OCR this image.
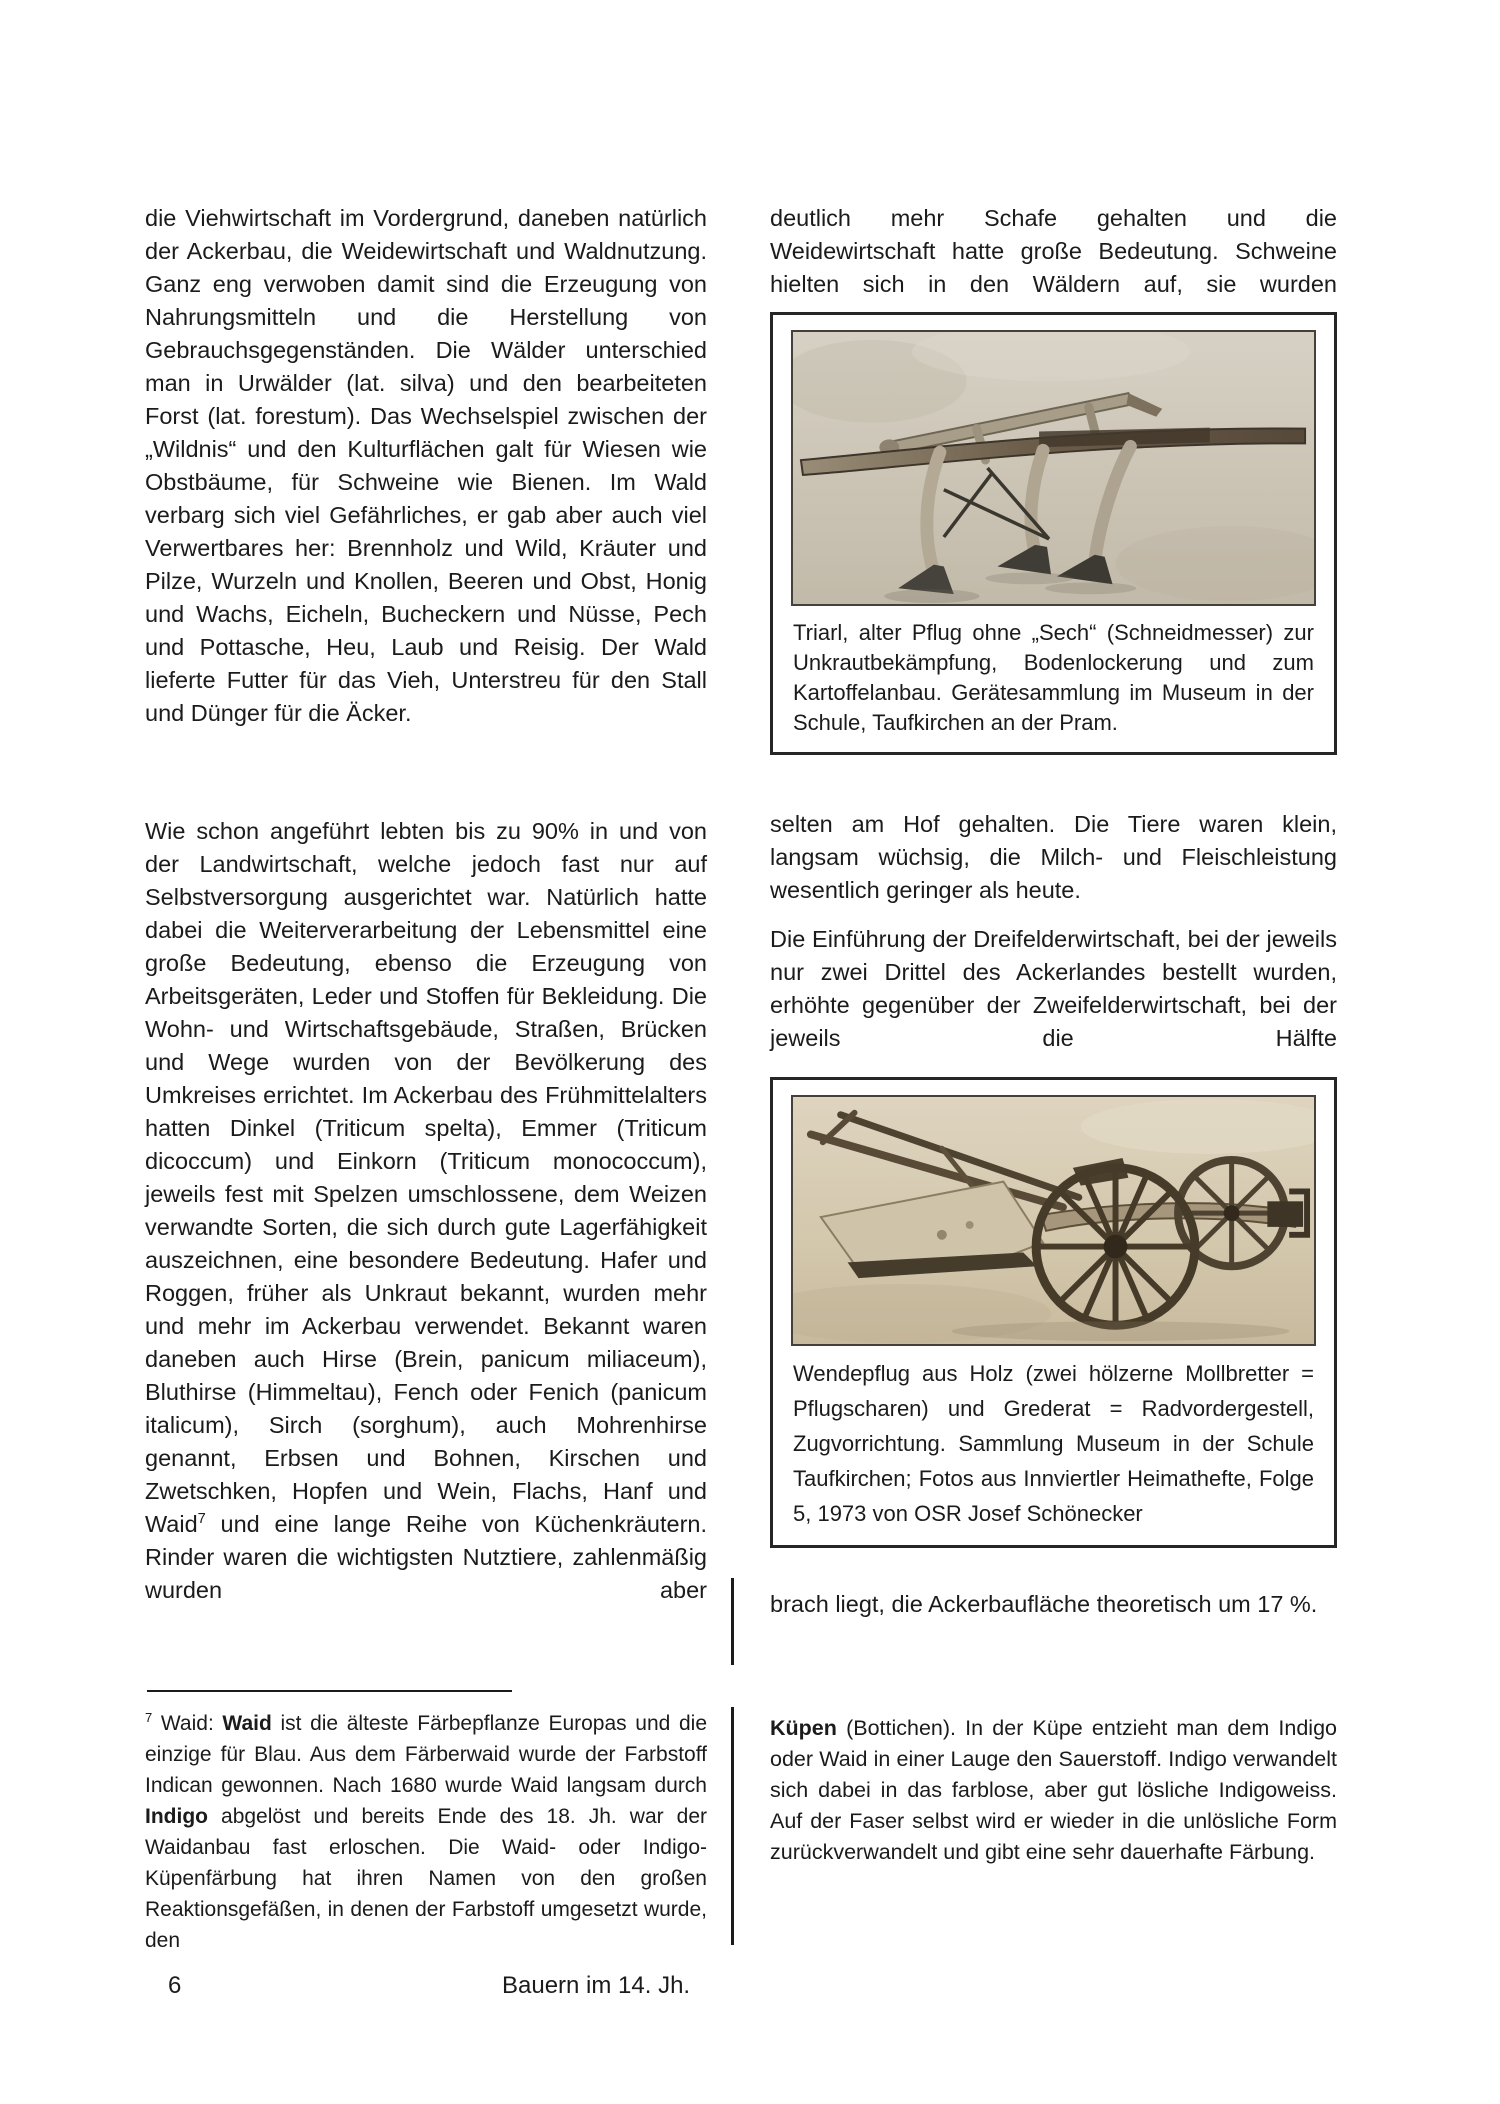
die Viehwirtschaft im Vordergrund, daneben natürlich der Ackerbau, die Weidewirtschaft und Waldnutzung. Ganz eng verwoben damit sind die Erzeugung von Nahrungsmitteln und die Herstellung von Gebrauchsgegenständen. Die Wälder unterschied man in Urwälder (lat. silva) und den bearbeiteten Forst (lat. forestum). Das Wechselspiel zwischen der „Wildnis“ und den Kulturflächen galt für Wiesen wie Obstbäume, für Schweine wie Bienen. Im Wald verbarg sich viel Gefährliches, er gab aber auch viel Verwertbares her: Brennholz und Wild, Kräuter und Pilze, Wurzeln und Knollen, Beeren und Obst, Honig und Wachs, Eicheln, Bucheckern und Nüsse, Pech und Pottasche, Heu, Laub und Reisig. Der Wald lieferte Futter für das Vieh, Unterstreu für den Stall und Dünger für die Äcker.

Wie schon angeführt lebten bis zu 90% in und von der Landwirtschaft, welche jedoch fast nur auf Selbstversorgung ausgerichtet war. Natürlich hatte dabei die Weiterverarbeitung der Lebensmittel eine große Bedeutung, ebenso die Erzeugung von Arbeitsgeräten, Leder und Stoffen für Bekleidung. Die Wohn- und Wirtschaftsgebäude, Straßen, Brücken und Wege wurden von der Bevölkerung des Umkreises errichtet. Im Ackerbau des Frühmittelalters hatten Dinkel (Triticum spelta), Emmer (Triticum dicoccum) und Einkorn (Triticum monococcum), jeweils fest mit Spelzen umschlossene, dem Weizen verwandte Sorten, die sich durch gute Lagerfähigkeit auszeichnen, eine besondere Bedeutung. Hafer und Roggen, früher als Unkraut bekannt, wurden mehr und mehr im Ackerbau verwendet. Bekannt waren daneben auch Hirse (Brein, panicum miliaceum), Bluthirse (Himmeltau), Fench oder Fenich (panicum italicum), Sirch (sorghum), auch Mohrenhirse genannt, Erbsen und Bohnen, Kirschen und Zwetschken, Hopfen und Wein, Flachs, Hanf und Waid$^7$ und eine lange Reihe von Küchenkräutern. Rinder waren die wichtigsten Nutztiere, zahlenmäßig wurden aber

$^7$ Waid: Waid ist die älteste Färbepflanze Europas und die einzige für Blau. Aus dem Färberwaid wurde der Farbstoff Indican gewonnen. Nach 1680 wurde Waid langsam durch Indigo abgelöst und bereits Ende des 18. Jh. war der Waidanbau fast erloschen. Die Waid- oder Indigo-Küpenfärbung hat ihren Namen von den großen Reaktionsgefäßen, in denen der Farbstoff umgesetzt wurde, den

deutlich mehr Schafe gehalten und die Weidewirtschaft hatte große Bedeutung. Schweine hielten sich in den Wäldern auf, sie wurden

Triarl, alter Pflug ohne „Sech“ (Schneidmesser) zur Unkrautbekämpfung, Bodenlockerung und zum Kartoffelanbau. Gerätesammlung im Museum in der Schule, Taufkirchen an der Pram.

selten am Hof gehalten. Die Tiere waren klein, langsam wüchsig, die Milch- und Fleischleistung wesentlich geringer als heute.

Die Einführung der Dreifelderwirtschaft, bei der jeweils nur zwei Drittel des Ackerlandes bestellt wurden, erhöhte gegenüber der Zweifelderwirtschaft, bei der jeweils die Hälfte

Wendepflug aus Holz (zwei hölzerne Mollbretter = Pflugscharen) und Grederat = Radvordergestell, Zugvorrichtung. Sammlung Museum in der Schule Taufkirchen; Fotos aus Innviertler Heimathefte, Folge 5, 1973 von OSR Josef Schönecker

brach liegt, die Ackerbaufläche theoretisch um 17 %.

Küpen (Bottichen). In der Küpe entzieht man dem Indigo oder Waid in einer Lauge den Sauerstoff. Indigo verwandelt sich dabei in das farblose, aber gut lösliche Indigoweiss. Auf der Faser selbst wird er wieder in die unlösliche Form zurückverwandelt und gibt eine sehr dauerhafte Färbung.

6	Bauern im 14. Jh.
